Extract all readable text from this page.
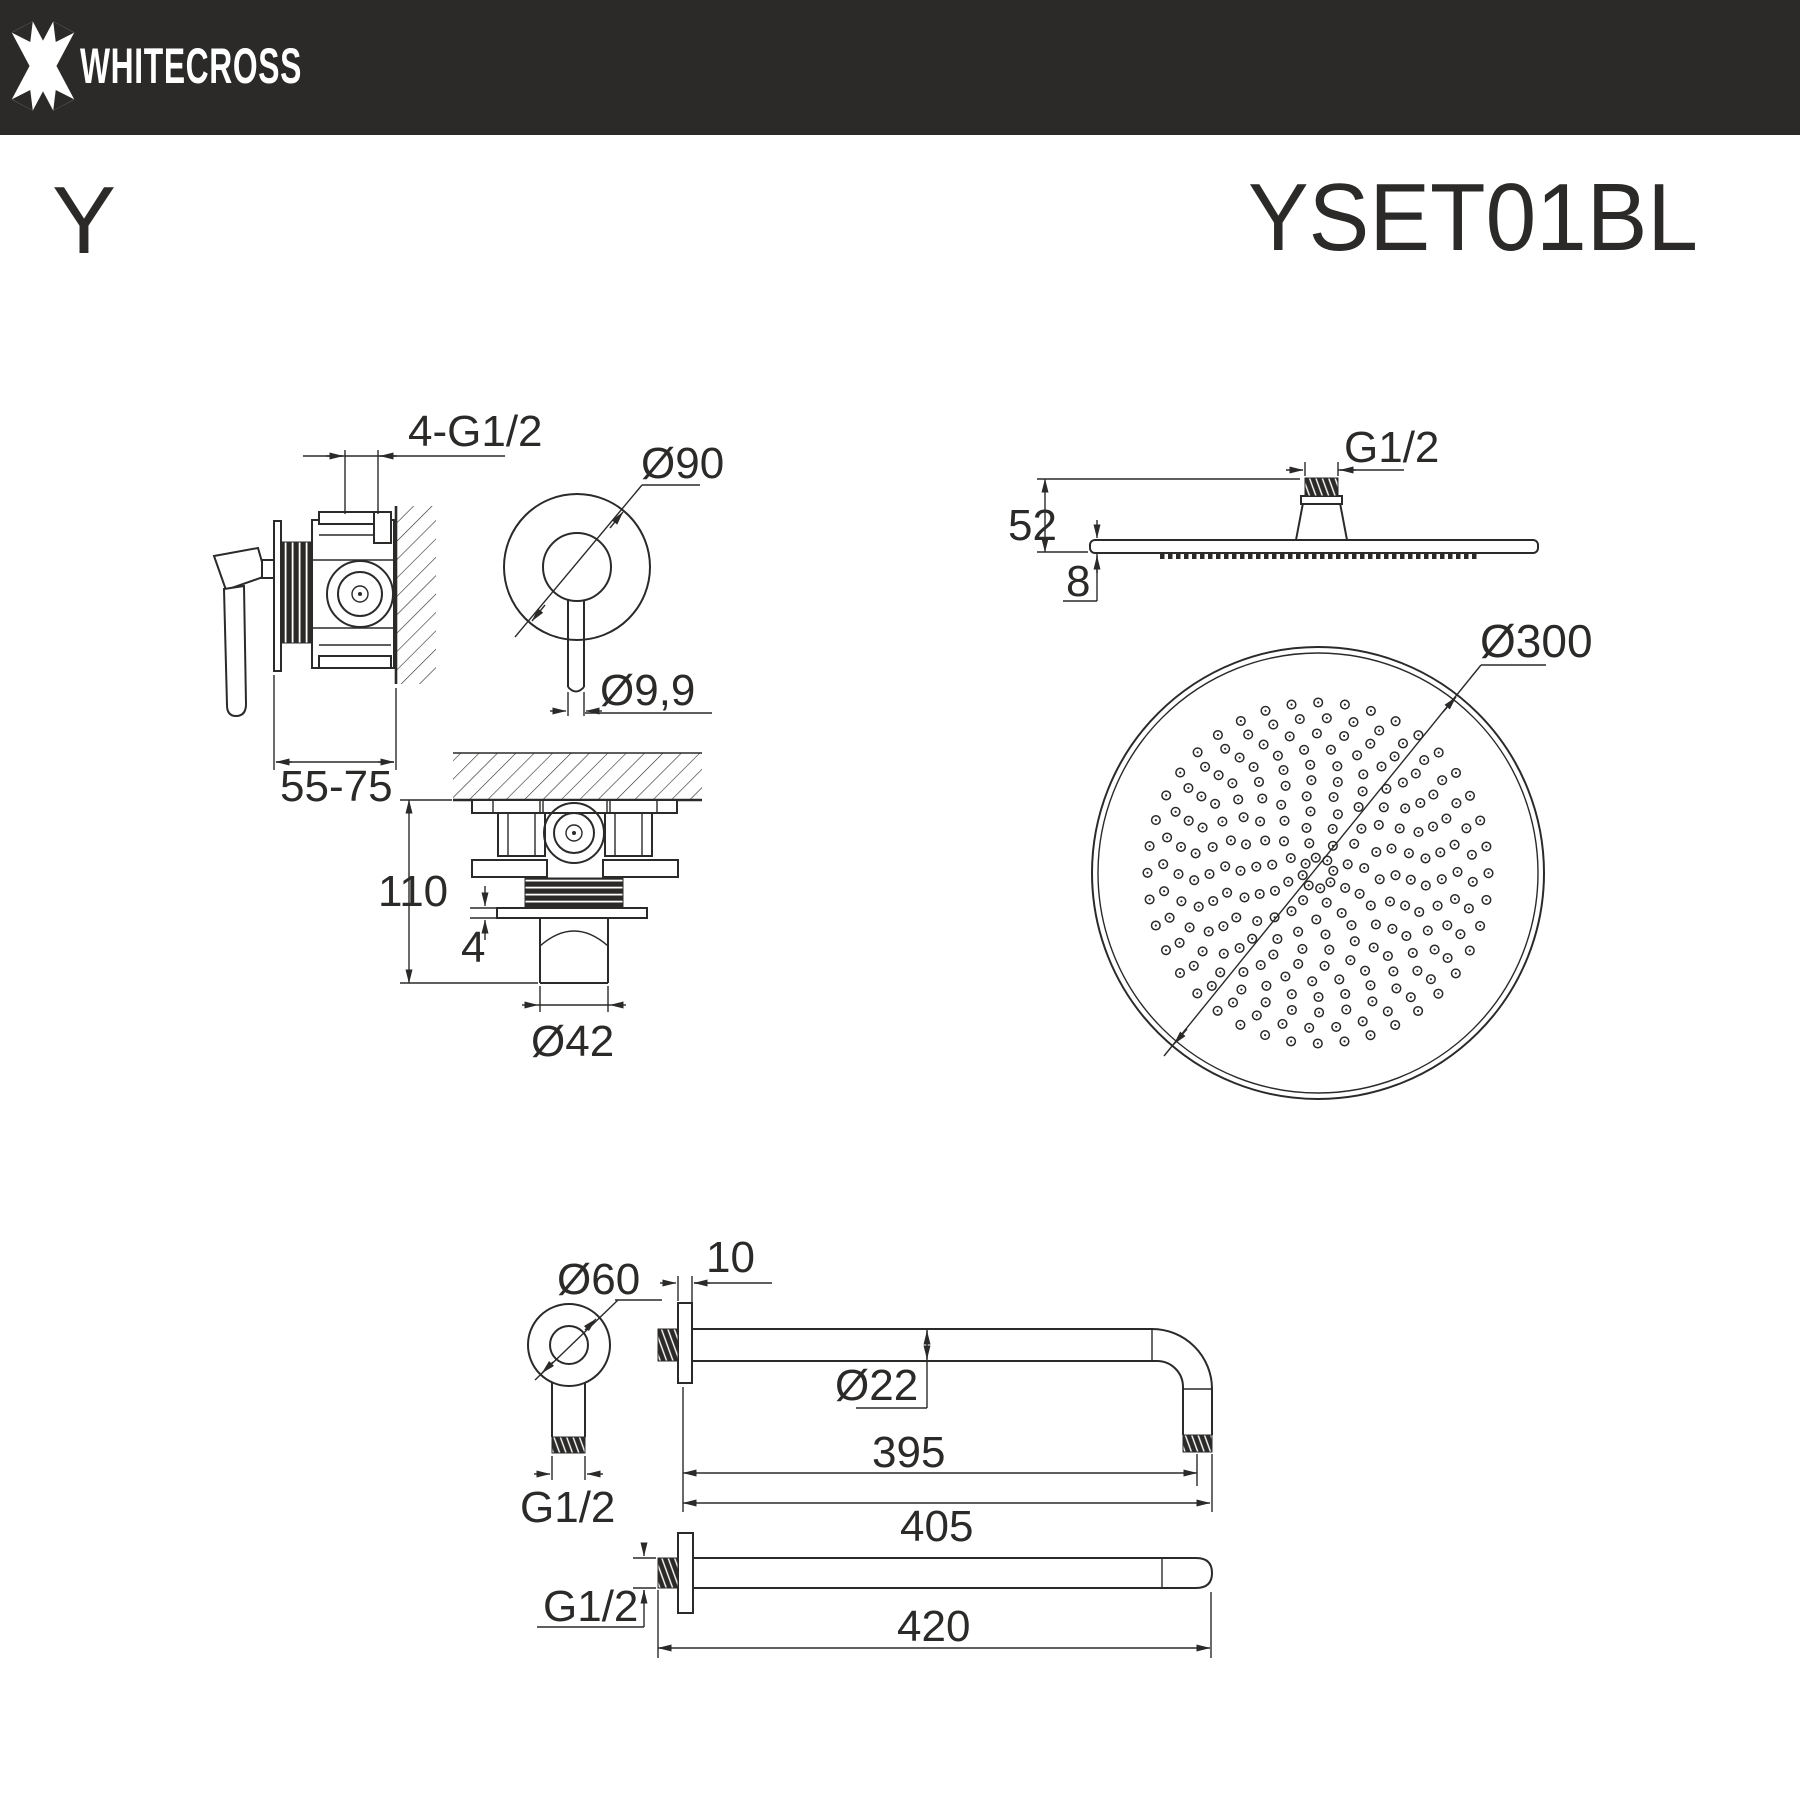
WHITECROSS
Y	YSET01BL
4-G1/2
55-75
Ø90
Ø9,9
110
4
Ø42
G1/2
52
8
Ø300
Ø60
G1/2
10
Ø22
395
405
G1/2	420
